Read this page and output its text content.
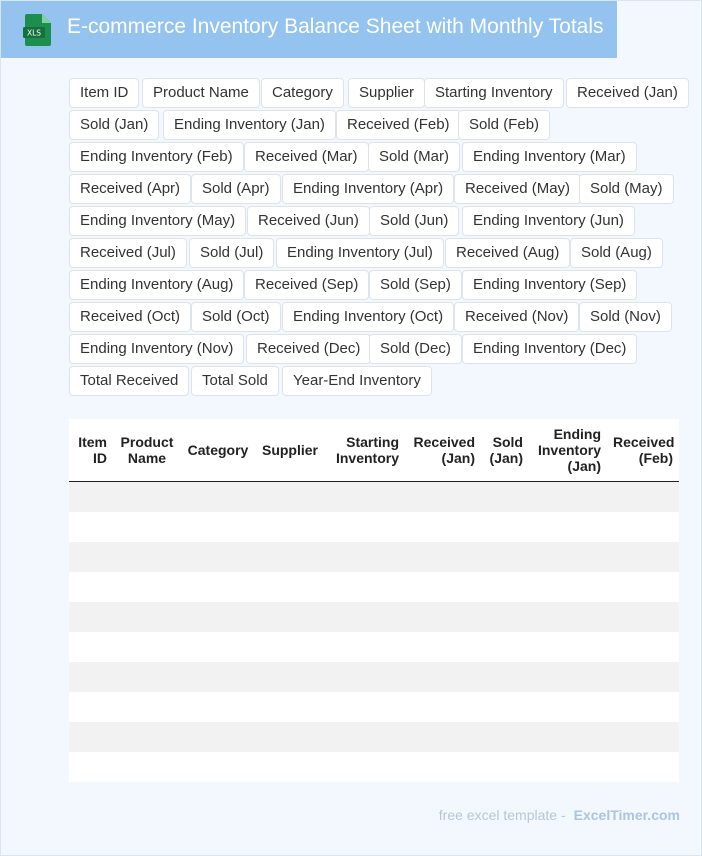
XLS E-commerce Inventory Balance Sheet with Monthly Totals
Item ID	Product Name	Category	Supplier	Starting Inventory	Received (Jan)
Sold (Jan)	Ending Inventory (Jan)	Received (Feb)	Sold (Feb)
Ending Inventory (Feb)	Received (Mar)	Sold (Mar)	Ending Inventory (Mar)
Received (Apr)	Sold (Apr)	Ending Inventory (Apr)	Received (May)	Sold (May)
Ending Inventory (May)	Received (Jun)	Sold (Jun)	Ending Inventory (Jun)
Received (Jul)	Sold (Jul)	Ending Inventory (Jul)	Received (Aug)	Sold (Aug)
Ending Inventory (Aug)	Received (Sep)	Sold (Sep)	Ending Inventory (Sep)
Received (Oct)	Sold (Oct)	Ending Inventory (Oct)	Received (Nov)	Sold (Nov)
Ending Inventory (Nov)	Received (Dec)	Sold (Dec)	Ending Inventory (Dec)
Total Received	Total Sold	Year-End Inventory
Item ID	Product Name	Category	Supplier	Starting Inventory	Received (Jan)	Sold (Jan)	Ending Inventory (Jan)	Received (Feb)

free excel template - ExcelTimer.com
